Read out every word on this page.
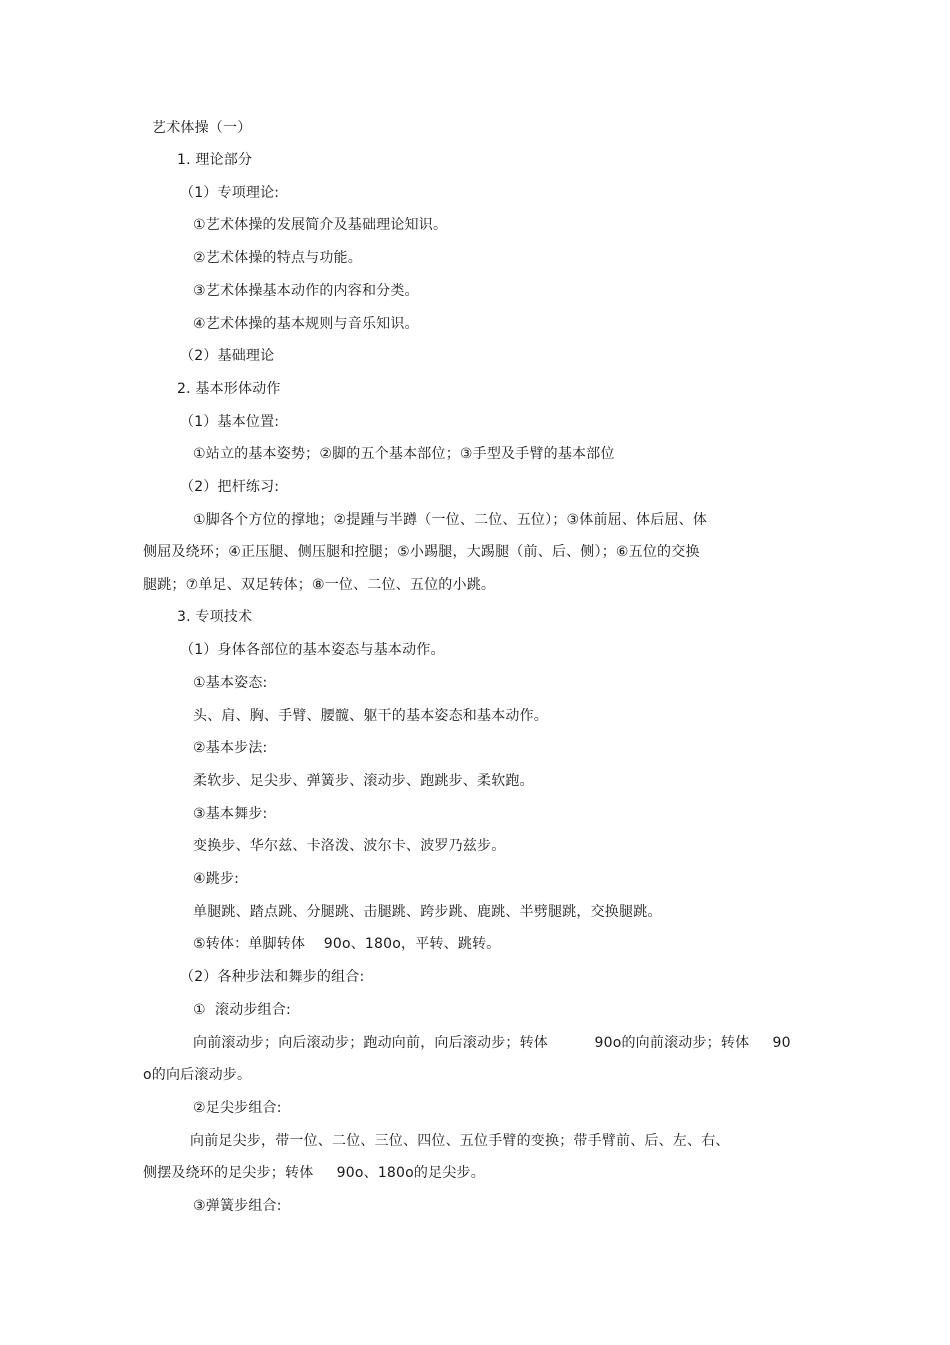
艺术体操（一）

1. 理论部分

（1）专项理论:

①艺术体操的发展简介及基础理论知识。

②艺术体操的特点与功能。

③艺术体操基本动作的内容和分类。

④艺术体操的基本规则与音乐知识。

（2）基础理论

2. 基本形体动作

（1）基本位置:

①站立的基本姿势；②脚的五个基本部位；③手型及手臂的基本部位

（2）把杆练习:

①脚各个方位的撑地；②提踵与半蹲（一位、二位、五位）；③体前屈、体后屈、体

侧屈及绕环；④正压腿、侧压腿和控腿；⑤小踢腿，大踢腿（前、后、侧）；⑥五位的交换

腿跳；⑦单足、双足转体；⑧一位、二位、五位的小跳。

3. 专项技术

（1）身体各部位的基本姿态与基本动作。

①基本姿态:

头、肩、胸、手臂、腰髋、躯干的基本姿态和基本动作。

②基本步法:

柔软步、足尖步、弹簧步、滚动步、跑跳步、柔软跑。

③基本舞步:

变换步、华尔兹、卡洛泼、波尔卡、波罗乃兹步。

④跳步:

单腿跳、踏点跳、分腿跳、击腿跳、跨步跳、鹿跳、半劈腿跳，交换腿跳。

⑤转体：单脚转体    90o、180o，平转、跳转。

（2）各种步法和舞步的组合:

①  滚动步组合:

向前滚动步；向后滚动步；跑动向前，向后滚动步；转体          90o的向前滚动步；转体     90

o的向后滚动步。

②足尖步组合:

向前足尖步，带一位、二位、三位、四位、五位手臂的变换；带手臂前、后、左、右、

侧摆及绕环的足尖步；转体     90o、180o的足尖步。

③弹簧步组合:
